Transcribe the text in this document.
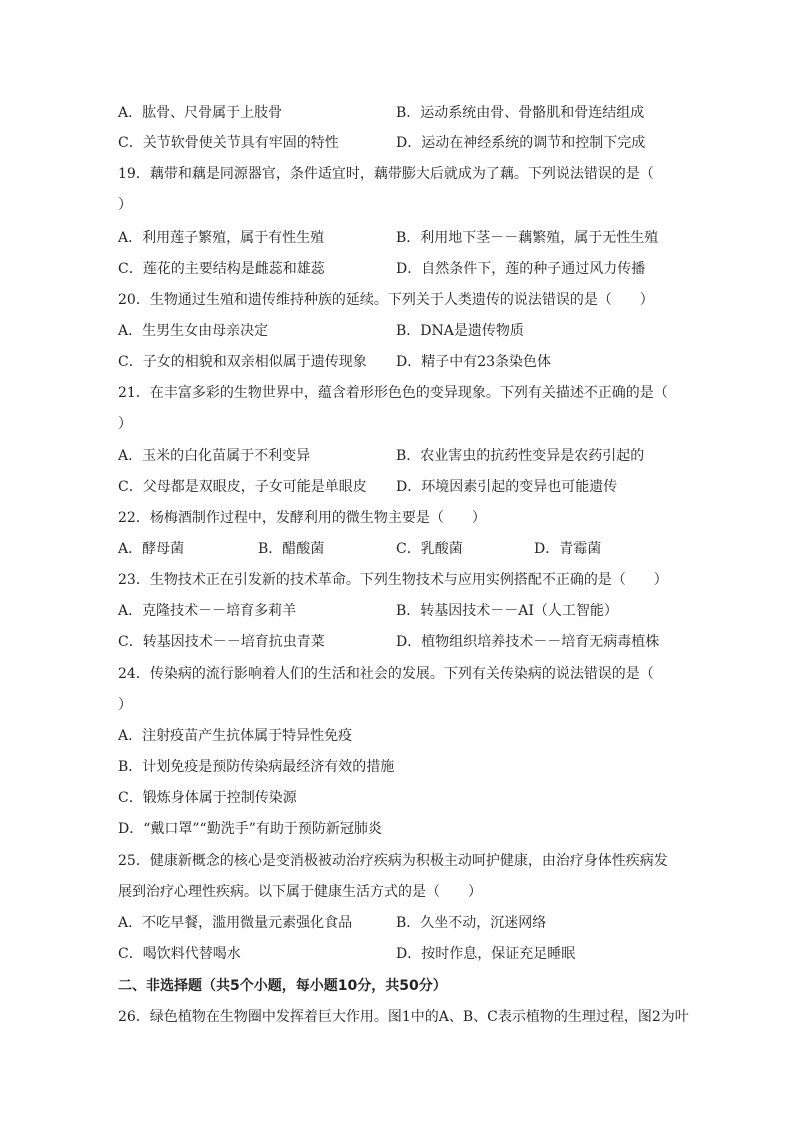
A．肱骨、尺骨属于上肢骨	B．运动系统由骨、骨骼肌和骨连结组成
C．关节软骨使关节具有牢固的特性	D．运动在神经系统的调节和控制下完成
19．藕带和藕是同源器官，条件适宜时，藕带膨大后就成为了藕。下列说法错误的是（
）
A．利用莲子繁殖，属于有性生殖	B．利用地下茎－－藕繁殖，属于无性生殖
C．莲花的主要结构是雌蕊和雄蕊	D．自然条件下，莲的种子通过风力传播
20．生物通过生殖和遗传维持种族的延续。下列关于人类遗传的说法错误的是（　　）
A．生男生女由母亲决定	B．DNA是遗传物质
C．子女的相貌和双亲相似属于遗传现象 D．精子中有23条染色体
21．在丰富多彩的生物世界中，蕴含着形形色色的变异现象。下列有关描述不正确的是（
）
A．玉米的白化苗属于不利变异	B．农业害虫的抗药性变异是农药引起的
C．父母都是双眼皮，子女可能是单眼皮 D．环境因素引起的变异也可能遗传
22．杨梅酒制作过程中，发酵利用的微生物主要是（　　）
A．酵母菌	B．醋酸菌	C．乳酸菌	D．青霉菌
23．生物技术正在引发新的技术革命。下列生物技术与应用实例搭配不正确的是（　　）
A．克隆技术－－培育多莉羊	B．转基因技术－－AI（人工智能）
C．转基因技术－－培育抗虫青菜	D．植物组织培养技术－－培育无病毒植株
24．传染病的流行影响着人们的生活和社会的发展。下列有关传染病的说法错误的是（
）
A．注射疫苗产生抗体属于特异性免疫
B．计划免疫是预防传染病最经济有效的措施
C．锻炼身体属于控制传染源
D．“戴口罩”“勤洗手”有助于预防新冠肺炎
25．健康新概念的核心是变消极被动治疗疾病为积极主动呵护健康，由治疗身体性疾病发
展到治疗心理性疾病。以下属于健康生活方式的是（　　）
A．不吃早餐，滥用微量元素强化食品	B．久坐不动，沉迷网络
C．喝饮料代替喝水	D．按时作息，保证充足睡眠
二、非选择题（共5个小题，每小题10分，共50分）
26．绿色植物在生物圈中发挥着巨大作用。图1中的A、B、C表示植物的生理过程，图2为叶
